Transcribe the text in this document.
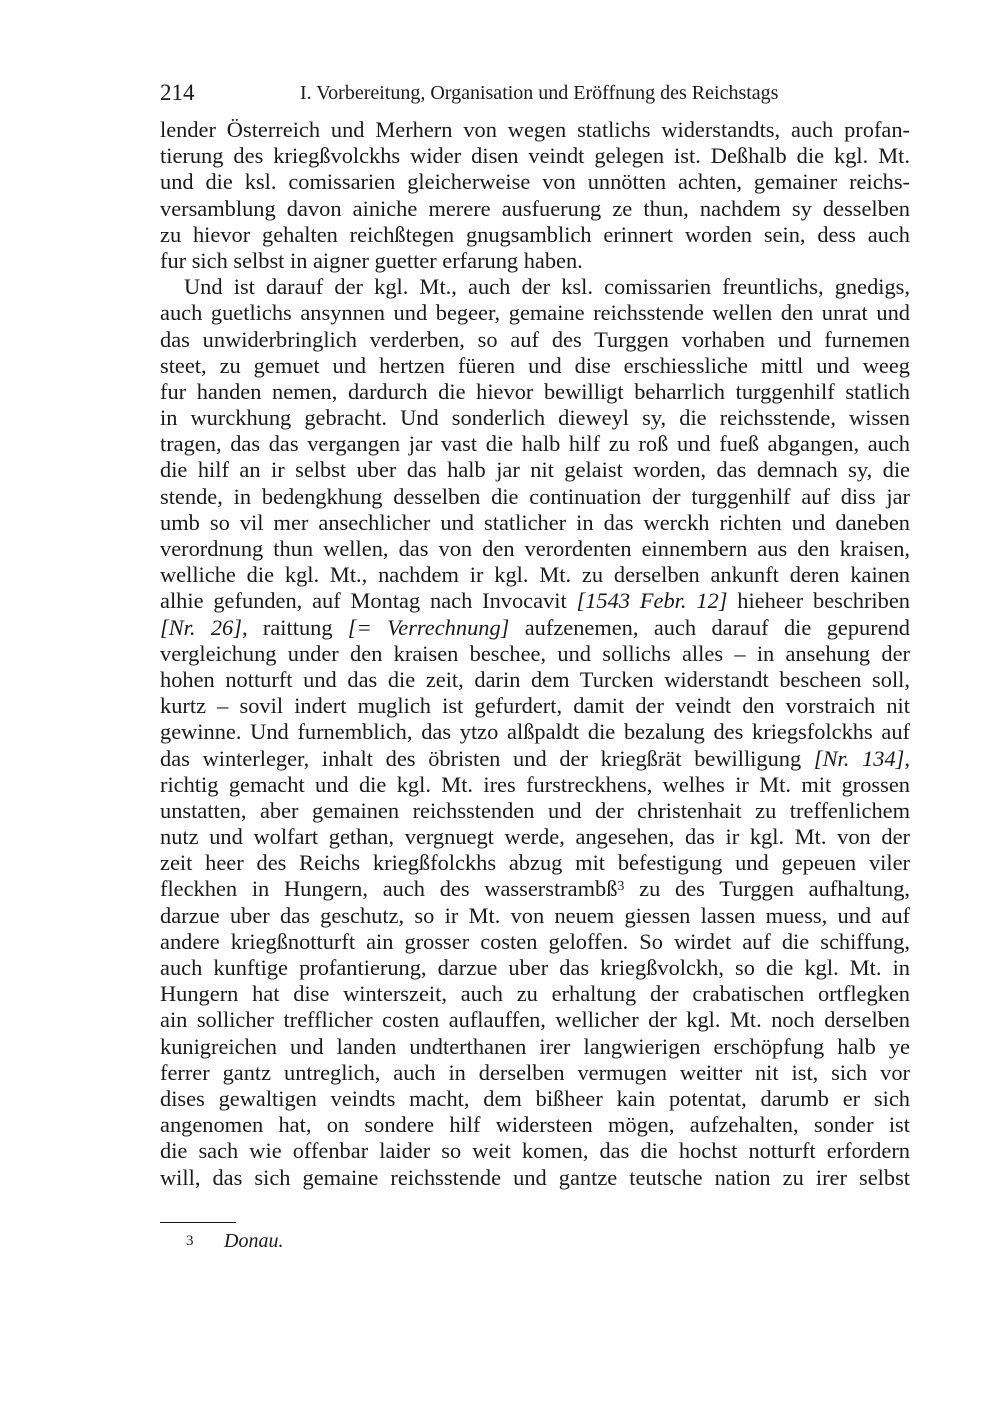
214	I. Vorbereitung, Organisation und Eröffnung des Reichstags
lender Österreich und Merhern von wegen statlichs widerstandts, auch profan-
tierung des kriegßvolckhs wider disen veindt gelegen ist. Deßhalb die kgl. Mt.
und die ksl. comissarien gleicherweise von unnötten achten, gemainer reichs-
versamblung davon ainiche merere ausfuerung ze thun, nachdem sy desselben
zu hievor gehalten reichßtegen gnugsamblich erinnert worden sein, dess auch
fur sich selbst in aigner guetter erfarung haben.
Und ist darauf der kgl. Mt., auch der ksl. comissarien freuntlichs, gnedigs,
auch guetlichs ansynnen und begeer, gemaine reichsstende wellen den unrat und
das unwiderbringlich verderben, so auf des Turggen vorhaben und furnemen
steet, zu gemuet und hertzen füeren und dise erschiessliche mittl und weeg
fur handen nemen, dardurch die hievor bewilligt beharrlich turggenhilf statlich
in wurckhung gebracht. Und sonderlich dieweyl sy, die reichsstende, wissen
tragen, das das vergangen jar vast die halb hilf zu roß und fueß abgangen, auch
die hilf an ir selbst uber das halb jar nit gelaist worden, das demnach sy, die
stende, in bedengkhung desselben die continuation der turggenhilf auf diss jar
umb so vil mer ansechlicher und statlicher in das werckh richten und daneben
verordnung thun wellen, das von den verordenten einnembern aus den kraisen,
welliche die kgl. Mt., nachdem ir kgl. Mt. zu derselben ankunft deren kainen
alhie gefunden, auf Montag nach Invocavit [1543 Febr. 12] hieheer beschriben
[Nr. 26], raittung [= Verrechnung] aufzenemen, auch darauf die gepurend
vergleichung under den kraisen beschee, und sollichs alles – in ansehung der
hohen notturft und das die zeit, darin dem Turcken widerstandt bescheen soll,
kurtz – sovil indert muglich ist gefurdert, damit der veindt den vorstraich nit
gewinne. Und furnemblich, das ytzo alßpaldt die bezalung des kriegsfolckhs auf
das winterleger, inhalt des öbristen und der kriegßrät bewilligung [Nr. 134],
richtig gemacht und die kgl. Mt. ires furstreckhens, welhes ir Mt. mit grossen
unstatten, aber gemainen reichsstenden und der christenhait zu treffenlichem
nutz und wolfart gethan, vergnuegt werde, angesehen, das ir kgl. Mt. von der
zeit heer des Reichs kriegßfolckhs abzug mit befestigung und gepeuen viler
fleckhen in Hungern, auch des wasserstrambß$^3$ zu des Turggen aufhaltung,
darzue uber das geschutz, so ir Mt. von neuem giessen lassen muess, und auf
andere kriegßnotturft ain grosser costen geloffen. So wirdet auf die schiffung,
auch kunftige profantierung, darzue uber das kriegßvolckh, so die kgl. Mt. in
Hungern hat dise winterszeit, auch zu erhaltung der crabatischen ortflegken
ain sollicher trefflicher costen auflauffen, wellicher der kgl. Mt. noch derselben
kunigreichen und landen undterthanen irer langwierigen erschöpfung halb ye
ferrer gantz untreglich, auch in derselben vermugen weitter nit ist, sich vor
dises gewaltigen veindts macht, dem bißheer kain potentat, darumb er sich
angenomen hat, on sondere hilf widersteen mögen, aufzehalten, sonder ist
die sach wie offenbar laider so weit komen, das die hochst notturft erfordern
will, das sich gemaine reichsstende und gantze teutsche nation zu irer selbst
3 Donau.
